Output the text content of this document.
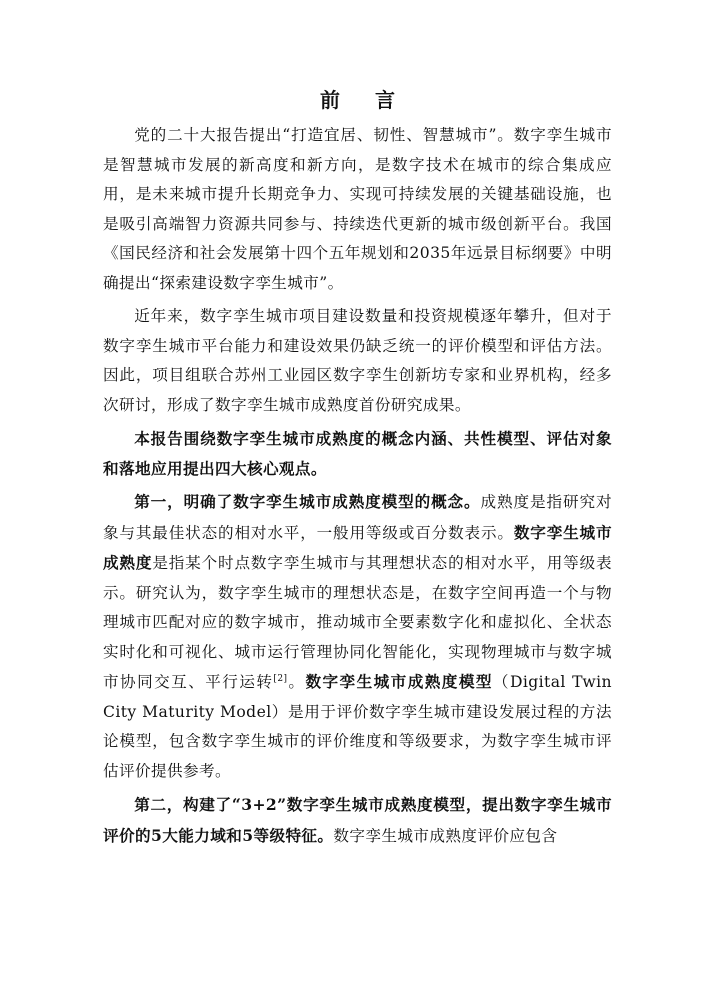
前 言

党的二十大报告提出“打造宜居、韧性、智慧城市”。数字孪生城市是智慧城市发展的新高度和新方向，是数字技术在城市的综合集成应用，是未来城市提升长期竞争力、实现可持续发展的关键基础设施，也是吸引高端智力资源共同参与、持续迭代更新的城市级创新平台。我国《国民经济和社会发展第十四个五年规划和2035年远景目标纲要》中明确提出“探索建设数字孪生城市”。

近年来，数字孪生城市项目建设数量和投资规模逐年攀升，但对于数字孪生城市平台能力和建设效果仍缺乏统一的评价模型和评估方法。因此，项目组联合苏州工业园区数字孪生创新坊专家和业界机构，经多次研讨，形成了数字孪生城市成熟度首份研究成果。

本报告围绕数字孪生城市成熟度的概念内涵、共性模型、评估对象和落地应用提出四大核心观点。

第一，明确了数字孪生城市成熟度模型的概念。成熟度是指研究对象与其最佳状态的相对水平，一般用等级或百分数表示。数字孪生城市成熟度是指某个时点数字孪生城市与其理想状态的相对水平，用等级表示。研究认为，数字孪生城市的理想状态是，在数字空间再造一个与物理城市匹配对应的数字城市，推动城市全要素数字化和虚拟化、全状态实时化和可视化、城市运行管理协同化智能化，实现物理城市与数字城市协同交互、平行运转[2]。数字孪生城市成熟度模型（Digital Twin City Maturity Model）是用于评价数字孪生城市建设发展过程的方法论模型，包含数字孪生城市的评价维度和等级要求，为数字孪生城市评估评价提供参考。

第二，构建了“3+2”数字孪生城市成熟度模型，提出数字孪生城市评价的5大能力域和5等级特征。数字孪生城市成熟度评价应包含
